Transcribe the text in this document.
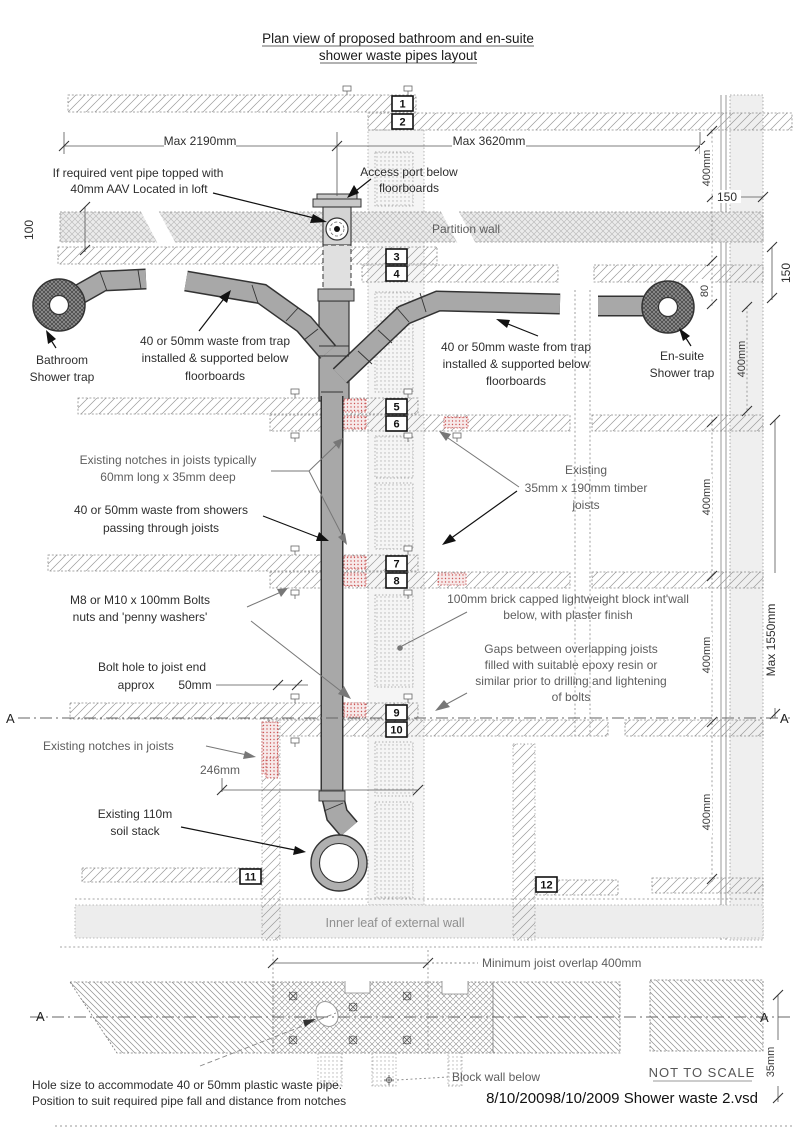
Plan view of proposed bathroom and en-suite
shower waste pipes layout
Inner leaf of external wall
Partition wall
Max 2190mm	Max 3620mm
400mm
80
400mm
400mm
400mm
150
150
400mm
Max 1550mm
100
246mm
A	A
If required vent pipe topped with
40mm AAV Located in loft
Access port below
floorboards
40 or 50mm waste from trap
installed & supported below
floorboards
40 or 50mm waste from trap
installed & supported below
floorboards
Bathroom
Shower trap
En-suite
Shower trap
Existing notches in joists typically
60mm long x 35mm deep	Existing
35mm x 190mm timber
joists
40 or 50mm waste from showers
passing through joists
M8 or M10 x 100mm Bolts
nuts and 'penny washers'
Bolt hole to joist end
approx 50mm
100mm brick capped lightweight block int'wall
below, with plaster finish
Gaps between overlapping joists
filled with suitable epoxy resin or
similar prior to drilling and lightening
of bolts
Existing notches in joists
Existing 110m
soil stack
1
2
3
4
5
6
7
8
9
10
11
12
Minimum joist overlap 400mm
A	A
35mm
Block wall below
Hole size to accommodate 40 or 50mm plastic waste pipe.
Position to suit required pipe fall and distance from notches
NOT TO SCALE
8/10/20098/10/2009 Shower waste 2.vsd
